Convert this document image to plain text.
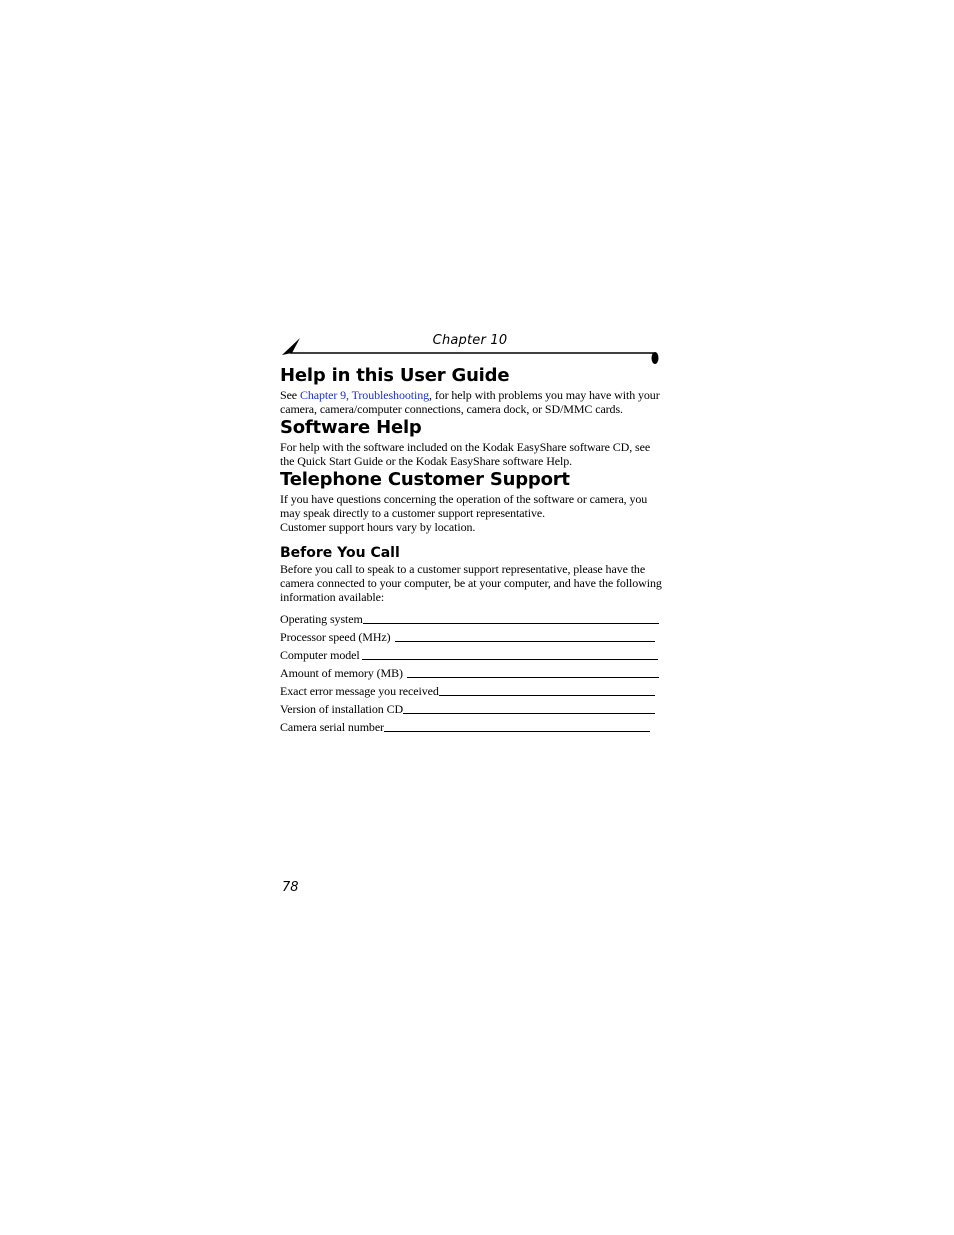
Chapter 10
Help in this User Guide

See Chapter 9, Troubleshooting, for help with problems you may have with your camera, camera/computer connections, camera dock, or SD/MMC cards.

Software Help

For help with the software included on the Kodak EasyShare software CD, see the Quick Start Guide or the Kodak EasyShare software Help.

Telephone Customer Support

If you have questions concerning the operation of the software or camera, you may speak directly to a customer support representative.

Customer support hours vary by location.

Before You Call

Before you call to speak to a customer support representative, please have the camera connected to your computer, be at your computer, and have the following information available:

Operating system
Processor speed (MHz)
Computer model
Amount of memory (MB)
Exact error message you received
Version of installation CD
Camera serial number
78
